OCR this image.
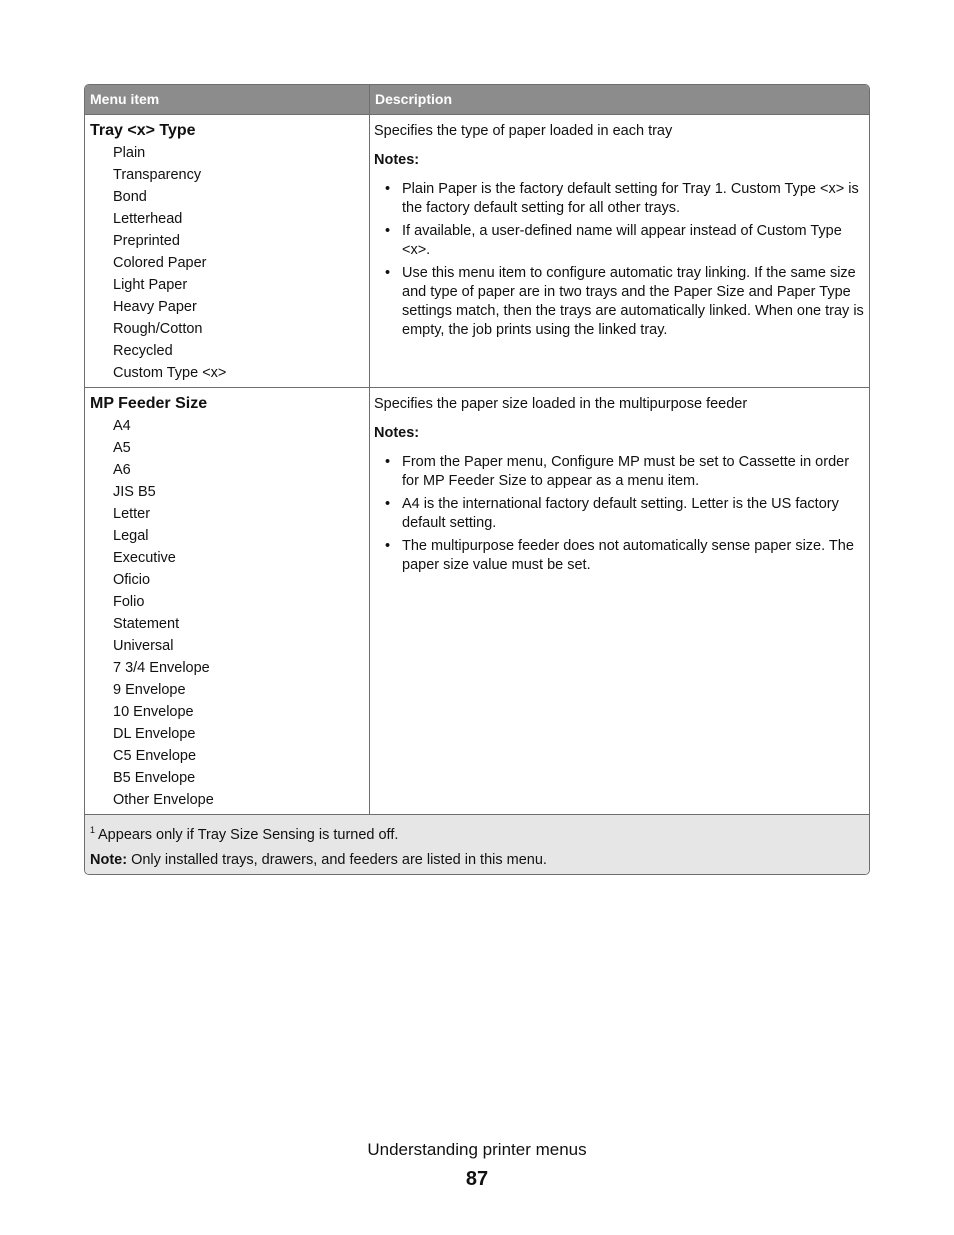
Menu item	Description
Tray <x> Type
Plain
Transparency
Bond
Letterhead
Preprinted
Colored Paper
Light Paper
Heavy Paper
Rough/Cotton
Recycled
Custom Type <x>

Specifies the type of paper loaded in each tray

Notes:

• Plain Paper is the factory default setting for Tray 1. Custom Type <x> is the factory default setting for all other trays.
• If available, a user-defined name will appear instead of Custom Type <x>.
• Use this menu item to configure automatic tray linking. If the same size and type of paper are in two trays and the Paper Size and Paper Type settings match, then the trays are automatically linked. When one tray is empty, the job prints using the linked tray.
MP Feeder Size
A4
A5
A6
JIS B5
Letter
Legal
Executive
Oficio
Folio
Statement
Universal
7 3/4 Envelope
9 Envelope
10 Envelope
DL Envelope
C5 Envelope
B5 Envelope
Other Envelope

Specifies the paper size loaded in the multipurpose feeder

Notes:

• From the Paper menu, Configure MP must be set to Cassette in order for MP Feeder Size to appear as a menu item.
• A4 is the international factory default setting. Letter is the US factory default setting.
• The multipurpose feeder does not automatically sense paper size. The paper size value must be set.

$^1$ Appears only if Tray Size Sensing is turned off.

Note: Only installed trays, drawers, and feeders are listed in this menu.

Understanding printer menus
87
